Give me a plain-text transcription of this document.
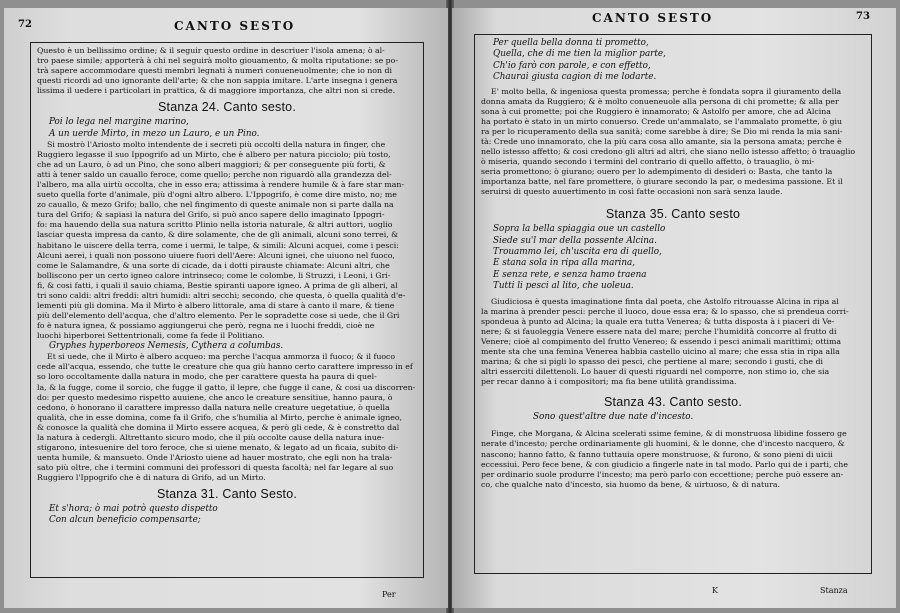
72	CANTO SESTO

Questo è un bellissimo ordine; & il seguir questo ordine in descriuer l'isola amena; ò al-

tro paese simile; apporterà à chi nel seguirà molto giouamento, & molta riputatione: se po-

trà sapere accommodare questi membri legnati à numeri conueneuolmente; che io non di

questi ricordi ad uno ignorante dell'arte; & che non sappia imitare. L'arte insegna i genera

lissima il uedere i particolari in prattica, & di maggiore importanza, che altri non si crede.

Stanza 24. Canto sesto.

Poi lo lega nel margine marino,

A un uerde Mirto, in mezo un Lauro, e un Pino.

Si mostrò l'Ariosto molto intendente de i secreti più occolti della natura in finger, che

Ruggiero legasse il suo Ippogrifo ad un Mirto, che è albero per natura picciolo; più tosto,

che ad un Lauro, ò ad un Pino, che sono alberi maggiori; & per conseguente più forti, &

atti à tener saldo un cauallo feroce, come quello; perche non riguardò alla grandezza del-

l'albero, ma alla uirtù occolta, che in esso era; attissima à rendere humile & à fare star man-

sueto quella forte d'animale, più d'ogni altro albero. L'Ippogrifo, è come dire misto, no; me

zo cauallo, & mezo Grifo; ballo, che nel fingimento di queste animale non si parte dalla na

tura del Grifo; & sapiasi la natura del Grifo, si può anco sapere dello imaginato Ippogri-

fo: ma hauendo della sua natura scritto Plinio nella istoria naturale, & altri auttori, uoglio

lasciar questa impresa da canto, & dire solamente, che de gli animali, alcuni sono terrei, &

habitano le uiscere della terra, come i uermi, le talpe, & simili: Alcuni acquei, come i pesci:

Alcuni aerei, i quali non possono uiuere fuori dell'Aere: Alcuni ignei, che uiuono nel fuoco,

come le Salamandre, & una sorte di cicade, da i dotti pirauste chiamate: Alcuni altri, che

bolliscono per un certo igneo calore intrinseco; come le colombe, li Struzzi, i Leoni, i Gri-

fi, & cosi fatti, i quali il sauio chiama, Bestie spiranti uapore igneo. A prima de gli alberi, al

tri sono caldi: altri freddi: altri humidi: altri secchi; secondo, che questa, ò quella qualità d'e-

lementi più gli domina. Ma il Mirto è albero littorale, ama di stare à canto il mare, & tiene

più dell'elemento dell'acqua, che d'altro elemento. Per le sopradette cose si uede, che il Gri

fo è natura ignea, & possiamo aggiungerui che però, regna ne i luochi freddi, cioè ne

luochi hiperborei Settentrionali, come fa fede il Politiano.

Gryphes hyperboreos Nemesis, Cythera a columbas.

Et si uede, che il Mirto è albero acqueo: ma perche l'acqua ammorza il fuoco; & il fuoco

cede all'acqua, essendo, che tutte le creature che qua giù hanno certo carattere impresso in ef

so loro occoltamente dalla natura in modo, che per carattere questa ha paura di quel-

la, & la fugge, come il sorcio, che fugge il gatto, il lepre, che fugge il cane, & cosi ua discorren-

do: per questo medesimo rispetto auuiene, che anco le creature sensitiue, hanno paura, ò

cedono, ò honorano il carattere impresso dalla natura nelle creature uegetatiue, ò quella

qualità, che in esse domina, come fa il Grifo, che s'humilia al Mirto, perche è animale igneo,

& conosce la qualità che domina il Mirto essere acquea, & però gli cede, & è constretto dal

la natura à cedergli. Altrettanto sicuro modo, che il più occolte cause della natura inue-

stigarono, intesuenire del toro feroce, che si uiene menato, & legato ad un ficaia, subito di-

uenta humile, & mansueto. Onde l'Ariosto uiene ad hauer mostrato, che egli non ha trala-

sato più oltre, che i termini communi dei professori di questa facoltà; nel far legare al suo

Ruggiero l'Ippogrifo che è di natura di Grifo, ad un Mirto.

Stanza 31. Canto Sesto.

Et s'hora; ò mai potrò questo dispetto

Con alcun beneficio compensarte;

Per
CANTO SESTO	73

Per quella bella donna ti prometto,

Quella, che di me tien la miglior parte,

Ch'io farò con parole, e con effetto,

Chaurai giusta cagion di me lodarte.

E' molto bella, & ingeniosa questa promessa; perche è fondata sopra il giuramento della

donna amata da Ruggiero; & è molto conueneuole alla persona di chi promette; & alla per

sona à cui promette; poi che Ruggiero è innamorato; & Astolfo per amore, che ad Alcina

ha portato è stato in un mirto conuerso. Crede un'ammalato, se l'ammalato promette, ò giu

ra per lo ricuperamento della sua sanità; come sarebbe à dire; Se Dio mi renda la mia sani-

tà: Crede uno innamorato, che la più cara cosa allo amante, sia la persona amata; perche è

nello istesso affetto; & cosi credono gli altri ad altri, che siano nello istesso affetto; ò trauaglio

ò miseria, quando secondo i termini del contrario di quello affetto, ò trauaglio, ò mi-

seria promettono; ò giurano; ouero per lo adempimento di desideri o: Basta, che tanto la

importanza batte, nel fare promettere, ò giurare secondo la par, o medesima passione. Et il

seruirsi di questo auuertimento in così fatte occasioni non sarà senza laude.

Stanza 35. Canto sesto

Sopra la bella spiaggia oue un castello

Siede su'l mar della possente Alcina.

Trouammo lei, ch'uscita era di quello,

E stana sola in ripa alla marina,

E senza rete, e senza hamo traena

Tutti li pesci al lito, che uoleua.

Giudiciosa è questa imaginatione finta dal poeta, che Astolfo ritrouasse Alcina in ripa al

la marina à prender pesci: perche il luoco, doue essa era; & lo spasso, che si prendeua corri-

spondeua à punto ad Alcina; la quale era tutta Venerea; & tutta disposta à i piaceri di Ve-

nere; & si fauoleggia Venere essere nata del mare; perche l'humidità concorre al frutto di

Venere; cioè al compimento del frutto Venereo; & essendo i pesci animali marittimi; ottima

mente sta che una femina Venerea habbia castello uicino al mare; che essa stia in ripa alla

marina; & che si pigli lo spasso dei pesci, che pertiene al mare; secondo i gusti, che di

altri esserciti dilettenoli. Lo hauer di questi riguardi nel comporre, non stimo io, che sia

per recar danno à i compositori; ma fia bene utilità grandissima.

Stanza 43. Canto sesto.

Sono quest'altre due nate d'incesto.

Finge, che Morgana, & Alcina scelerati ssime femine, & di monstruosa libidine fossero ge

nerate d'incesto; perche ordinariamente gli huomini, & le donne, che d'incesto nacquero, &

nascono; hanno fatto, & fanno tuttauia opere monstruose, & furono, & sono pieni di uicii

eccessiui. Pero fece bene, & con giudicio a fingerle nate in tal modo. Parlo qui de i parti, che

per ordinario suole produrre l'incesto; ma però parlo con eccettione; perche può essere an-

co, che qualche nato d'incesto, sia huomo da bene, & uirtuoso, & di natura.

K	Stanza
